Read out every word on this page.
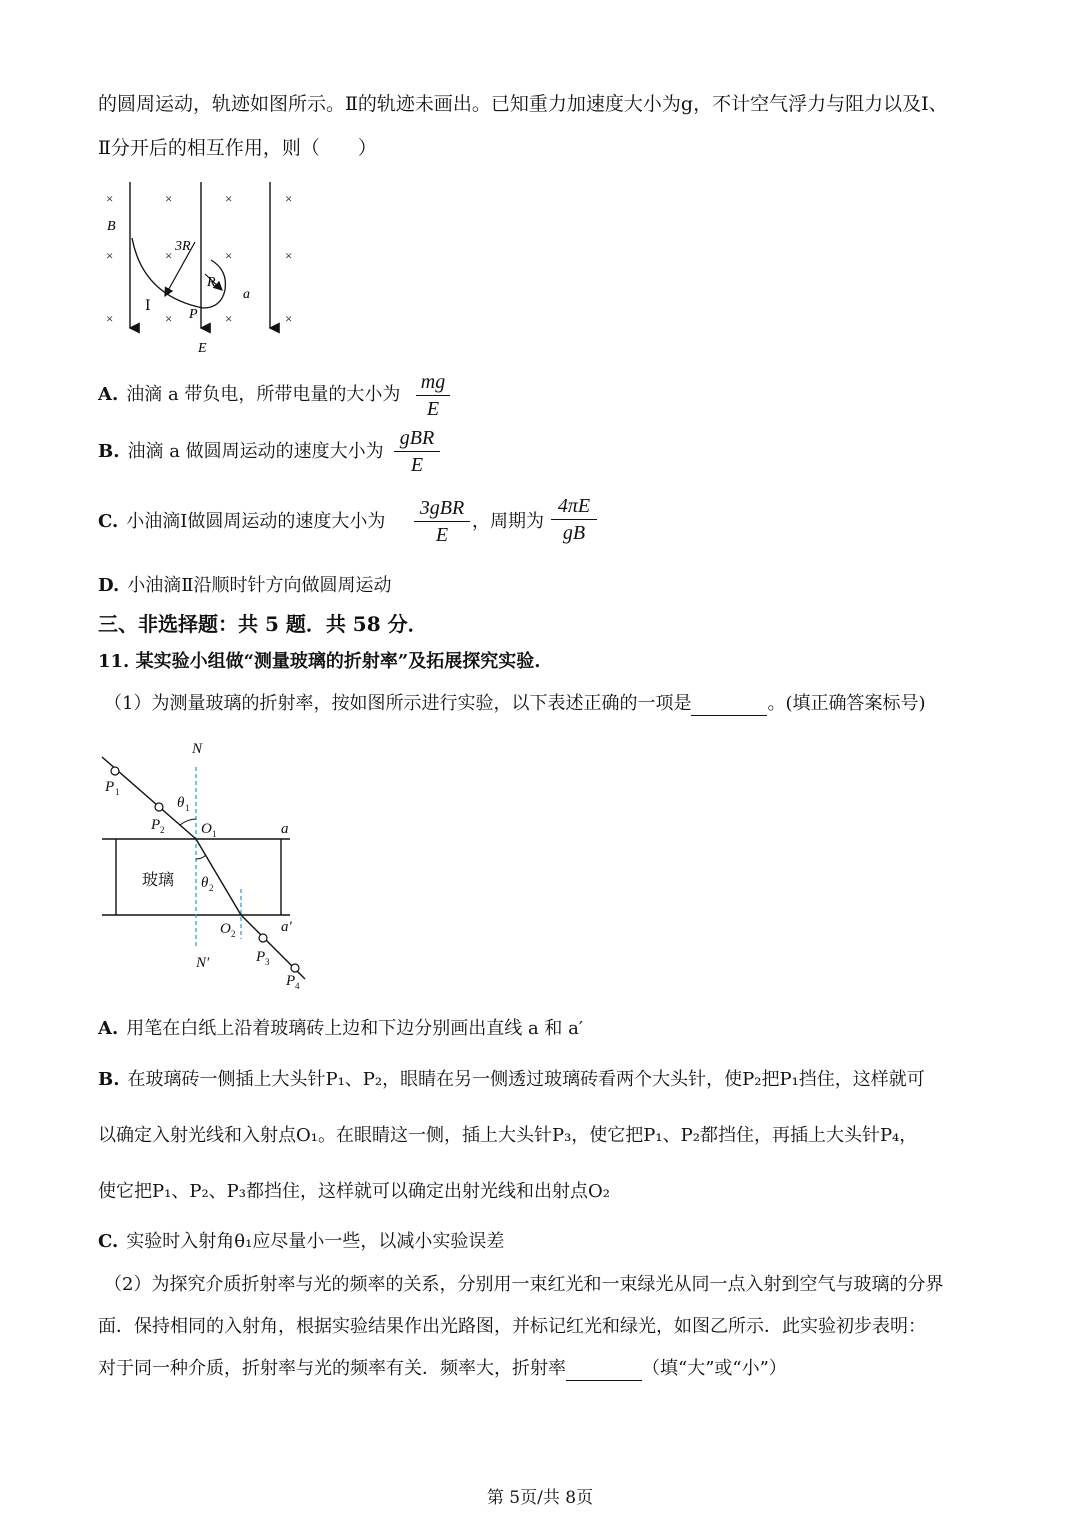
的圆周运动，轨迹如图所示。Ⅱ的轨迹未画出。已知重力加速度大小为g，不计空气浮力与阻力以及Ⅰ、
Ⅱ分开后的相互作用，则（　　）
×	×	×	×
×	×	×	×
×	×	×	×
B
3R
R
a
Ⅰ
P
E
A. 油滴 a 带负电，所带电量的大小为
mg
E
B. 油滴 a 做圆周运动的速度大小为
gBR
E
C. 小油滴Ⅰ做圆周运动的速度大小为
3gBR
E
，周期为
4πE
gB
D. 小油滴Ⅱ沿顺时针方向做圆周运动
三、非选择题：共 5 题．共 58 分．
11. 某实验小组做“测量玻璃的折射率”及拓展探究实验.
（1）为测量玻璃的折射率，按如图所示进行实验，以下表述正确的一项是	。(填正确答案标号)
N
P 1
θ 1
P 2 O 1	a
θ 2
O 2	a′
N′	P 3
P 4
玻璃
A. 用笔在白纸上沿着玻璃砖上边和下边分别画出直线 a 和 a′
B. 在玻璃砖一侧插上大头针P₁、P₂，眼睛在另一侧透过玻璃砖看两个大头针，使P₂把P₁挡住，这样就可
以确定入射光线和入射点O₁。在眼睛这一侧，插上大头针P₃，使它把P₁、P₂都挡住，再插上大头针P₄，
使它把P₁、P₂、P₃都挡住，这样就可以确定出射光线和出射点O₂
C. 实验时入射角θ₁应尽量小一些，以减小实验误差
（2）为探究介质折射率与光的频率的关系，分别用一束红光和一束绿光从同一点入射到空气与玻璃的分界
面．保持相同的入射角，根据实验结果作出光路图，并标记红光和绿光，如图乙所示．此实验初步表明：
对于同一种介质，折射率与光的频率有关．频率大，折射率	（填“大”或“小”）
第 5页/共 8页
